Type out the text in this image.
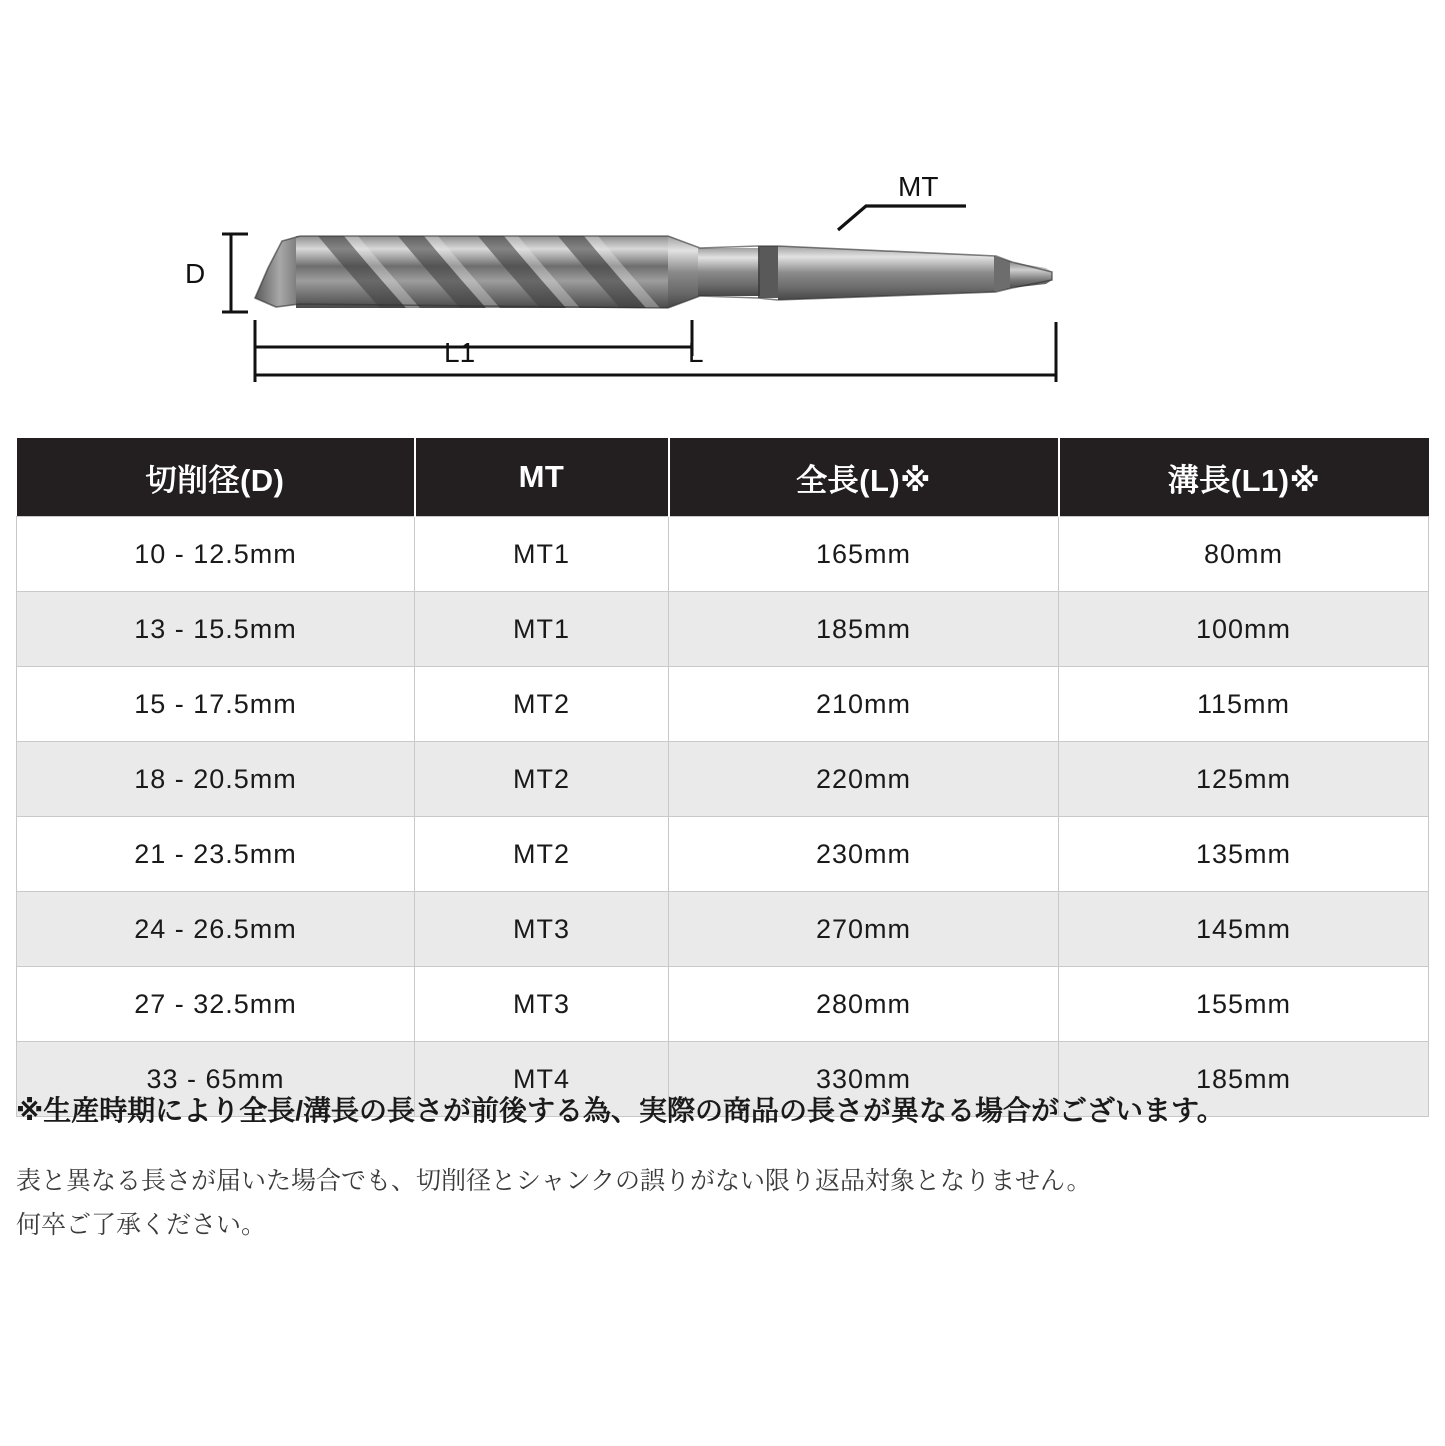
MT
D
L1	L
切削径(D)	MT	全長(L)※	溝長(L1)※
10 - 12.5mm	MT1	165mm	80mm
13 - 15.5mm	MT1	185mm	100mm
15 - 17.5mm	MT2	210mm	115mm
18 - 20.5mm	MT2	220mm	125mm
21 - 23.5mm	MT2	230mm	135mm
24 - 26.5mm	MT3	270mm	145mm
27 - 32.5mm	MT3	280mm	155mm
33 - 65mm	MT4	330mm	185mm
※生産時期により全長/溝長の長さが前後する為、実際の商品の長さが異なる場合がございます。
表と異なる長さが届いた場合でも、切削径とシャンクの誤りがない限り返品対象となりません。
何卒ご了承ください。
